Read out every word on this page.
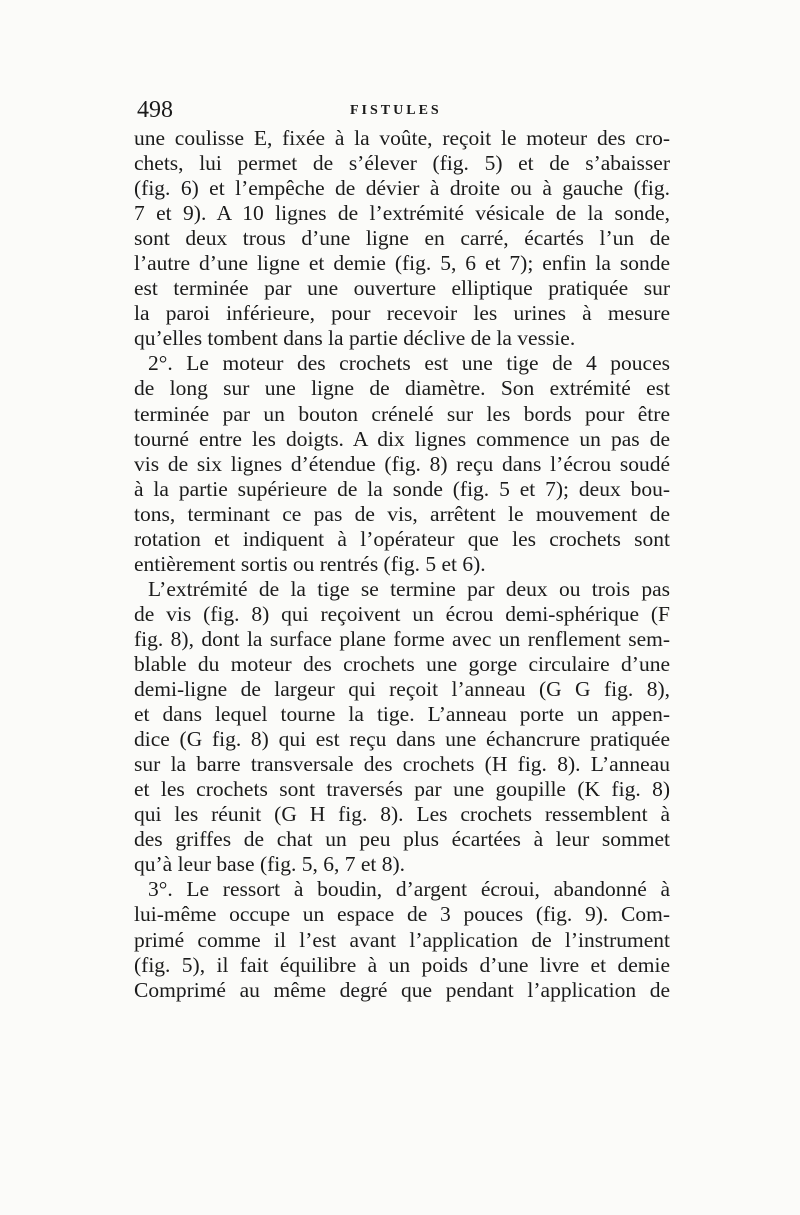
498	FISTULES
une coulisse E, fixée à la voûte, reçoit le moteur des cro-
chets, lui permet de s’élever (fig. 5) et de s’abaisser
(fig. 6) et l’empêche de dévier à droite ou à gauche (fig.
7 et 9). A 10 lignes de l’extrémité vésicale de la sonde,
sont deux trous d’une ligne en carré, écartés l’un de
l’autre d’une ligne et demie (fig. 5, 6 et 7); enfin la sonde
est terminée par une ouverture elliptique pratiquée sur
la paroi inférieure, pour recevoir les urines à mesure
qu’elles tombent dans la partie déclive de la vessie.
2°. Le moteur des crochets est une tige de 4 pouces
de long sur une ligne de diamètre. Son extrémité est
terminée par un bouton crénelé sur les bords pour être
tourné entre les doigts. A dix lignes commence un pas de
vis de six lignes d’étendue (fig. 8) reçu dans l’écrou soudé
à la partie supérieure de la sonde (fig. 5 et 7); deux bou-
tons, terminant ce pas de vis, arrêtent le mouvement de
rotation et indiquent à l’opérateur que les crochets sont
entièrement sortis ou rentrés (fig. 5 et 6).
L’extrémité de la tige se termine par deux ou trois pas
de vis (fig. 8) qui reçoivent un écrou demi-sphérique (F
fig. 8), dont la surface plane forme avec un renflement sem-
blable du moteur des crochets une gorge circulaire d’une
demi-ligne de largeur qui reçoit l’anneau (G G fig. 8),
et dans lequel tourne la tige. L’anneau porte un appen-
dice (G fig. 8) qui est reçu dans une échancrure pratiquée
sur la barre transversale des crochets (H fig. 8). L’anneau
et les crochets sont traversés par une goupille (K fig. 8)
qui les réunit (G H fig. 8). Les crochets ressemblent à
des griffes de chat un peu plus écartées à leur sommet
qu’à leur base (fig. 5, 6, 7 et 8).
3°. Le ressort à boudin, d’argent écroui, abandonné à
lui-même occupe un espace de 3 pouces (fig. 9). Com-
primé comme il l’est avant l’application de l’instrument
(fig. 5), il fait équilibre à un poids d’une livre et demie
Comprimé au même degré que pendant l’application de
